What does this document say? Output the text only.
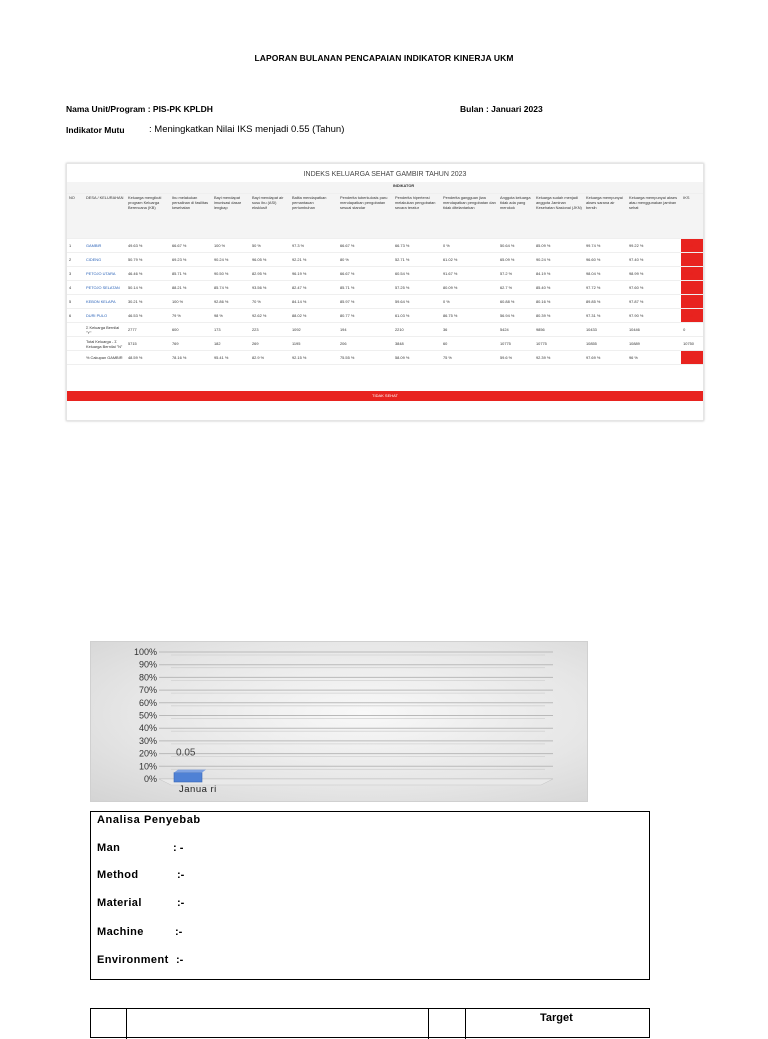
LAPORAN BULANAN PENCAPAIAN INDIKATOR KINERJA UKM
Nama Unit/Program : PIS-PK KPLDH	Bulan : Januari 2023
Indikator Mutu	: Meningkatkan Nilai IKS menjadi 0.55 (Tahun)
INDEKS KELUARGA SEHAT GAMBIR TAHUN 2023
		INDIKATOR												
NO	DESA / KELURAHAN	Keluarga mengikuti program Keluarga Berencana (KB)	Ibu melakukan persalinan di fasilitas kesehatan	Bayi mendapat imunisasi dasar lengkap	Bayi mendapat air susu ibu (ASI) eksklusif	Balita mendapatkan pemantauan pertumbuhan	Penderita tuberkulosis paru mendapatkan pengobatan sesuai standar	Penderita hipertensi melakukan pengobatan secara teratur	Penderita gangguan jiwa mendapatkan pengobatan dan tidak ditelantarkan	Anggota keluarga tidak ada yang merokok	Keluarga sudah menjadi anggota Jaminan Kesehatan Nasional (JKN)	Keluarga mempunyai akses sarana air bersih	Keluarga mempunyai akses atau menggunakan jamban sehat	IKS
1	GAMBIR	49.63 %	66.67 %	100 %	50 %	97.3 %	66.67 %	66.73 %	0 %	50.64 %	85.09 %	99.74 %	99.22 %	0.000
2	CIDENG	50.79 %	69.23 %	90.24 %	96.05 %	92.21 %	80 %	52.71 %	61.02 %	65.09 %	90.24 %	96.60 %	97.40 %	0.000
3	PETOJO UTARA	46.46 %	85.71 %	90.50 %	82.95 %	96.19 %	66.67 %	60.54 %	91.67 %	57.2 %	84.19 %	98.04 %	98.99 %	0.000
4	PETOJO SELATAN	50.14 %	88.21 %	85.74 %	93.56 %	82.47 %	85.71 %	57.25 %	80.09 %	62.7 %	85.40 %	97.72 %	97.60 %	0.000
5	KEBON KELAPA	30.21 %	100 %	92.86 %	70 %	84.14 %	85.97 %	59.64 %	0 %	60.88 %	80.16 %	89.85 %	97.87 %	0.000
6	DURI PULO	46.53 %	79 %	98 %	92.62 %	88.02 %	80.77 %	61.03 %	86.75 %	56.94 %	80.39 %	97.31 %	97.90 %	0.000
	Σ Keluarga Bernilai "Y"	2777	600	173	223	1092	194	2210	36	5424	9856	10433	10446	0
	Total Keluarga - Σ Keluarga Bernilai "N"	5715	769	182	269	1195	206	3848	60	10775	10775	10855	10889	10750
	% Cakupan GAMBIR	48.59 %	78.16 %	95.41 %	82.9 %	92.15 %	75.55 %	58.09 %	75 %	59.6 %	92.39 %	97.69 %	96 %	0.000
TIDAK SEHAT
0%
10%
20%
30%
40%
50%
60%
70%
80%
90%
100%
0.05
Janua ri
Analisa Penyebab
Man	: -
Method	:-
Material	:-
Machine	:-
Environment :-
Target
